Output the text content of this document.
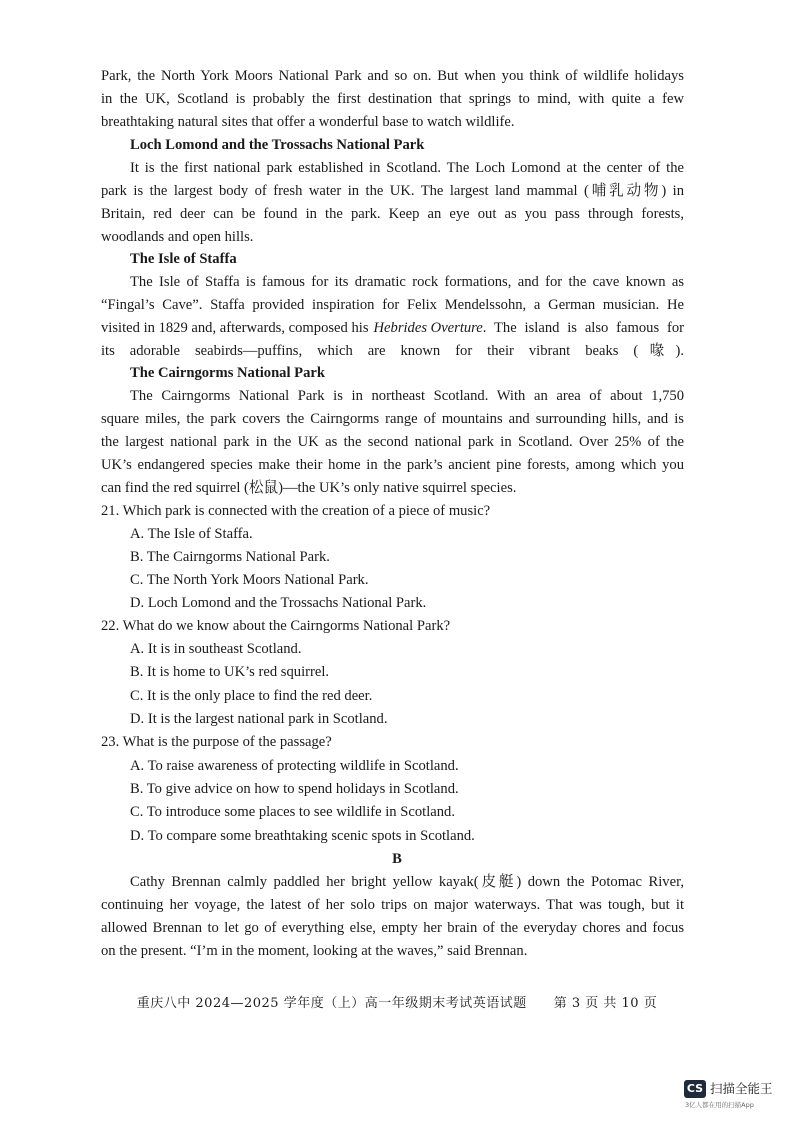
Park, the North York Moors National Park and so on. But when you think of wildlife holidays
in the UK, Scotland is probably the first destination that springs to mind, with quite a few
breathtaking natural sites that offer a wonderful base to watch wildlife.
Loch Lomond and the Trossachs National Park
It is the first national park established in Scotland. The Loch Lomond at the center of the
park is the largest body of fresh water in the UK. The largest land mammal (哺乳动物) in
Britain, red deer can be found in the park. Keep an eye out as you pass through forests,
woodlands and open hills.
The Isle of Staffa
The Isle of Staffa is famous for its dramatic rock formations, and for the cave known as
“Fingal’s Cave”. Staffa provided inspiration for Felix Mendelssohn, a German musician. He
visited in 1829 and, afterwards, composed his Hebrides Overture . The island is also famous for
its adorable seabirds—puffins, which are known for their vibrant beaks (喙).
The Cairngorms National Park
The Cairngorms National Park is in northeast Scotland. With an area of about 1,750
square miles, the park covers the Cairngorms range of mountains and surrounding hills, and is
the largest national park in the UK as the second national park in Scotland. Over 25% of the
UK’s endangered species make their home in the park’s ancient pine forests, among which you
can find the red squirrel (松鼠)—the UK’s only native squirrel species.
21. Which park is connected with the creation of a piece of music?
A. The Isle of Staffa.
B. The Cairngorms National Park.
C. The North York Moors National Park.
D. Loch Lomond and the Trossachs National Park.
22. What do we know about the Cairngorms National Park?
A. It is in southeast Scotland.
B. It is home to UK’s red squirrel.
C. It is the only place to find the red deer.
D. It is the largest national park in Scotland.
23. What is the purpose of the passage?
A. To raise awareness of protecting wildlife in Scotland.
B. To give advice on how to spend holidays in Scotland.
C. To introduce some places to see wildlife in Scotland.
D. To compare some breathtaking scenic spots in Scotland.
B
Cathy Brennan calmly paddled her bright yellow kayak(皮艇) down the Potomac River,
continuing her voyage, the latest of her solo trips on major waterways. That was tough, but it
allowed Brennan to let go of everything else, empty her brain of the everyday chores and focus
on the present. “I’m in the moment, looking at the waves,” said Brennan.
重庆八中 2024—2025 学年度（上）高一年级期末考试英语试题　　第 3 页 共 10 页
CS 扫描全能王
3亿人都在用的扫描App
